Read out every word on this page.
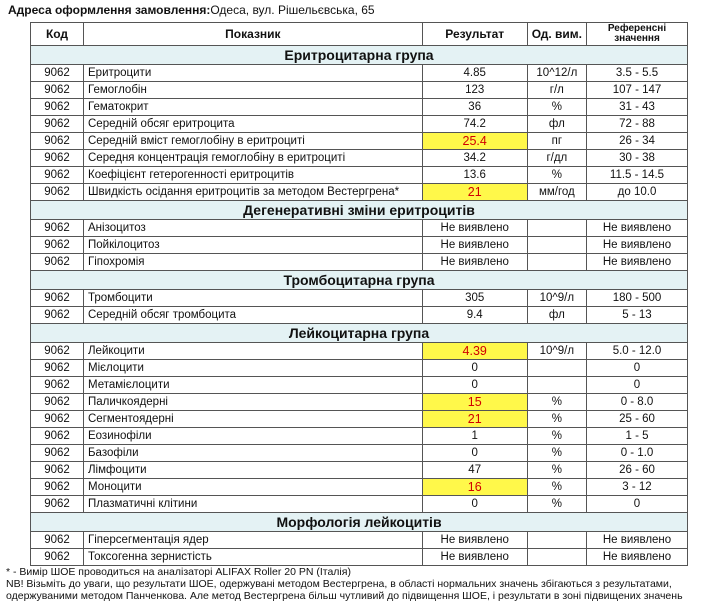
Адреса оформлення замовлення:Одеса, вул. Рішельєвська, 65
Код	Показник	Результат	Од. вим.	Референсні
значення
Еритроцитарна група				
9062	Еритроцити	4.85	10^12/л	3.5 - 5.5
9062	Гемоглобін	123	г/л	107 - 147
9062	Гематокрит	36	%	31 - 43
9062	Середній обсяг еритроцита	74.2	фл	72 - 88
9062	Середній вміст гемоглобіну в еритроциті	25.4	пг	26 - 34
9062	Середня концентрація гемоглобіну в еритроциті	34.2	г/дл	30 - 38
9062	Коефіцієнт гетерогенності еритроцитів	13.6	%	11.5 - 14.5
9062	Швидкість осідання еритроцитів за методом Вестергрена*	21	мм/год	до 10.0
Дегенеративні зміни еритроцитів				
9062	Анізоцитоз	Не виявлено		Не виявлено
9062	Пойкілоцитоз	Не виявлено		Не виявлено
9062	Гіпохромія	Не виявлено		Не виявлено
Тромбоцитарна група				
9062	Тромбоцити	305	10^9/л	180 - 500
9062	Середній обсяг тромбоцита	9.4	фл	5 - 13
Лейкоцитарна група				
9062	Лейкоцити	4.39	10^9/л	5.0 - 12.0
9062	Мієлоцити	0		0
9062	Метамієлоцити	0		0
9062	Паличкоядерні	15	%	0 - 8.0
9062	Сегментоядерні	21	%	25 - 60
9062	Еозинофіли	1	%	1 - 5
9062	Базофіли	0	%	0 - 1.0
9062	Лімфоцити	47	%	26 - 60
9062	Моноцити	16	%	3 - 12
9062	Плазматичні клітини	0	%	0
Морфологія лейкоцитів				
9062	Гіперсегментація ядер	Не виявлено		Не виявлено
9062	Токсогенна зернистість	Не виявлено		Не виявлено
* - Вимір ШОЕ проводиться на аналізаторі ALIFAX Roller 20 PN (Італія)
NB! Візьміть до уваги, що результати ШОЕ, одержувані методом Вестергрена, в області нормальних значень збігаються з результатами,
одержуваними методом Панченкова. Але метод Вестергрена більш чутливий до підвищення ШОЕ, і результати в зоні підвищених значень
